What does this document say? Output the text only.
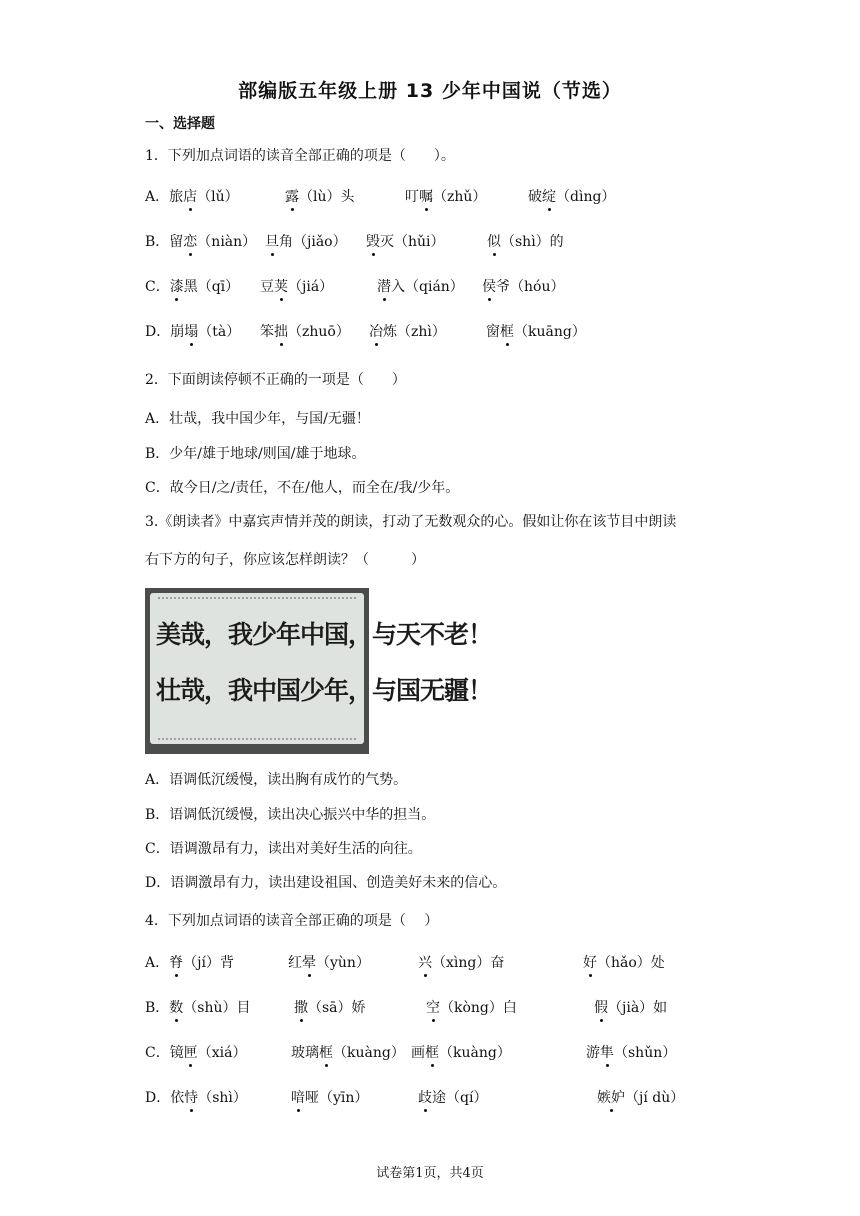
部编版五年级上册 13 少年中国说（节选）
一、选择题
1．下列加点词语的读音全部正确的项是（　　）。
A．旅店（lǔ）	露（lù）头	叮嘱（zhǔ）	破绽（dìng）
B．留恋（niàn） 旦角（jiǎo） 毁灭（hǔi）	似（shì）的
C．漆黑（qī） 豆荚（jiá）	潜入（qián） 侯爷（hóu）
D．崩塌（tà） 笨拙（zhuō） 冶炼（zhì）	窗框（kuāng）
2．下面朗读停顿不正确的一项是（　　）
A．壮哉，我中国少年，与国/无疆！
B．少年/雄于地球/则国/雄于地球。
C．故今日/之/责任，不在/他人，而全在/我/少年。
3.《朗读者》中嘉宾声情并茂的朗读，打动了无数观众的心。假如让你在该节目中朗读
右下方的句子，你应该怎样朗读？（　　　）
美哉，我少年中国，与天不老！
壮哉，我中国少年，与国无疆！
A．语调低沉缓慢，读出胸有成竹的气势。
B．语调低沉缓慢，读出决心振兴中华的担当。
C．语调激昂有力，读出对美好生活的向往。
D．语调激昂有力，读出建设祖国、创造美好未来的信心。
4．下列加点词语的读音全部正确的项是（　 ）
A．脊（jí）背	红晕（yùn）	兴（xìng）奋	好（hǎo）处
B．数（shù）目	撒（sā）娇	空（kòng）白	假（jià）如
C．镜匣（xiá）	玻璃框（kuàng） 画框（kuàng）	游隼（shǔn）
D．依恃（shì）	喑哑（yīn）	歧途（qí）	嫉妒（jí dù）
试卷第1页，共4页
